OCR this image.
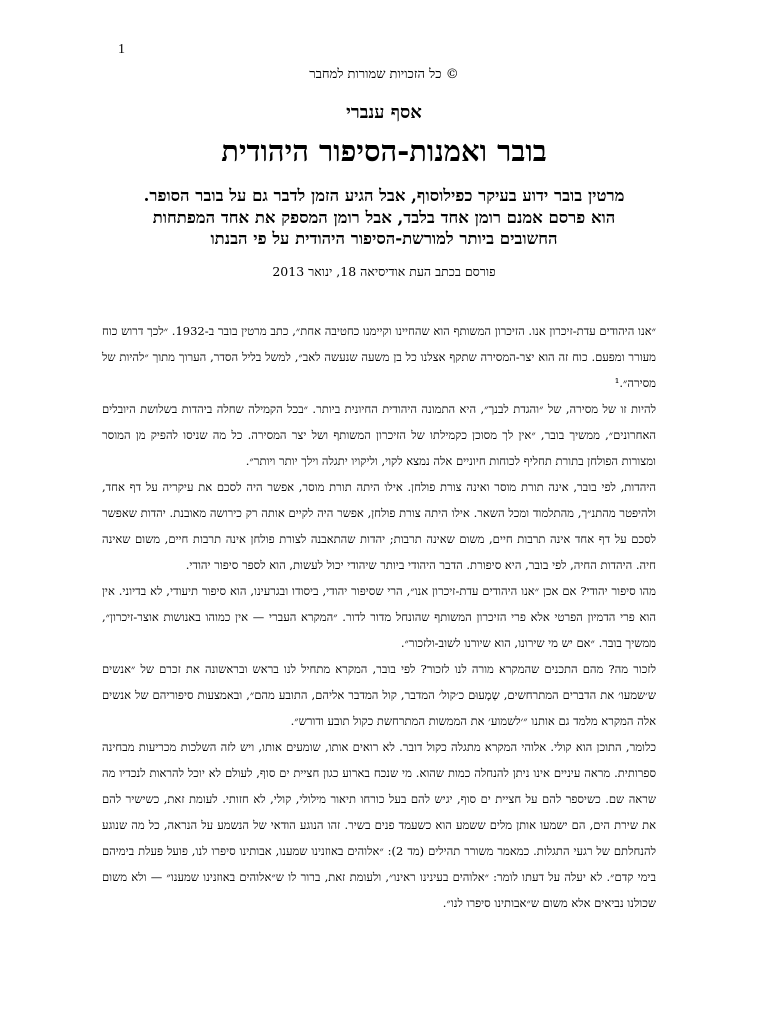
1

© כל הזכויות שמורות למחבר

אסף ענברי

בובר ואמנות-הסיפור היהודית
מרטין בובר ידוע בעיקר כפילוסוף, אבל הגיע הזמן לדבר גם על בובר הסופר.
הוא פרסם אמנם רומן אחד בלבד, אבל רומן המספק את אחד המפתחות
החשובים ביותר למורשת-הסיפור היהודית על פי הבנתו

פורסם בכתב העת אודיסיאה 18, ינואר 2013

״אנו היהודים עדת-זיכרון אנו. הזיכרון המשותף הוא שהחיינו וקיימנו כחטיבה אחת״, כתב מרטין בובר ב-1932. ״לכך דרוש כוח מעורר ומפעם. כוח זה הוא יצר-המסירה שתקף אצלנו כל בן משעה שנעשה לאב״, למשל בליל הסדר, הערוך מתוך ״להיות של מסירה״.¹

להיות זו של מסירה, של ״והגדת לבנך״, היא התמונה היהודית החיונית ביותר. ״בכל הקמילה שחלה ביהדות בשלושת היובלים האחרונים״, ממשיך בובר, ״אין לך מסוכן כקמילתו של הזיכרון המשותף ושל יצר המסירה. כל מה שניסו להפיק מן המוסר ומצורות הפולחן בתורת תחליף לכוחות חיוניים אלה נמצא לקוי, וליקויו יתגלה וילך יותר ויותר״.

היהדות, לפי בובר, אינה תורת מוסר ואינה צורת פולחן. אילו היתה תורת מוסר, אפשר היה לסכם את עיקריה על דף אחד, ולהיפטר מהתנ״ך, מהתלמוד ומכל השאר. אילו היתה צורת פולחן, אפשר היה לקיים אותה רק כירושה מאובנת. יהדות שאפשר לסכם על דף אחד אינה תרבות חיים, משום שאינה תרבות; יהדות שהתאבנה לצורת פולחן אינה תרבות חיים, משום שאינה חיה. היהדות החיה, לפי בובר, היא סיפורת. הדבר היהודי ביותר שיהודי יכול לעשות, הוא לספר סיפור יהודי.

מהו סיפור יהודי? אם אכן ״אנו היהודים עדת-זיכרון אנו״, הרי שסיפור יהודי, ביסודו ובגרעינו, הוא סיפור תיעודי, לא בדיוני. אין הוא פרי הדמיון הפרטי אלא פרי הזיכרון המשותף שהונחל מדור לדור. ״המקרא העברי — אין כמוהו באנושות אוצר-זיכרון״, ממשיך בובר. ״אם יש מי שירונו, הוא שיורנו לשוב-ולזכור״.

לזכור מה? מהם התכנים שהמקרא מורה לנו לזכור? לפי בובר, המקרא מתחיל לנו בראש ובראשונה את זכרם של ״אנשים ש׳שמעו׳ את הדברים המתרחשים, שְמָעוּם כ׳קול׳ המדבר, קול המדבר אליהם, התובע מהם״, ובאמצעות סיפוריהם של אנשים אלה המקרא מלמד גם אותנו ״׳לשמוע׳ את הממשות המתרחשת כקול תובע ודורש״.

כלומר, התוכן הוא קולי. אלוהי המקרא מתגלה כקול דובר. לא רואים אותו, שומעים אותו, ויש לזה השלכות מכריעות מבחינה ספרותית. מראה עיניים אינו ניתן להנחלה כמות שהוא. מי שנכח בארוע כגון חציית ים סוף, לעולם לא יוכל להראות לנכדיו מה שראה שם. כשיספר להם על חציית ים סוף, יגיש להם בעל כורחו תיאור מילולי, קולי, לא חזותי. לעומת זאת, כשישיר להם את שירת הים, הם ישמעו אותן מלים ששמע הוא כשעמד פנים בשיר. זהו הנוגע הודאי של הנשמע על הנראה, כל מה שנוגע להנחלתם של רגעי התגלות. כמאמר משורר תהילים (מד 2): ״אלוהים באוזנינו שמענו, אבותינו סיפרו לנו, פועל פעלת בימיהם בימי קדם״. לא יעלה על דעתו לומר: ״אלוהים בעינינו ראינו״, ולעומת זאת, ברור לו ש״אלוהים באוזנינו שמענו״ — ולא משום שכולנו נביאים אלא משום ש״אבותינו סיפרו לנו״.
